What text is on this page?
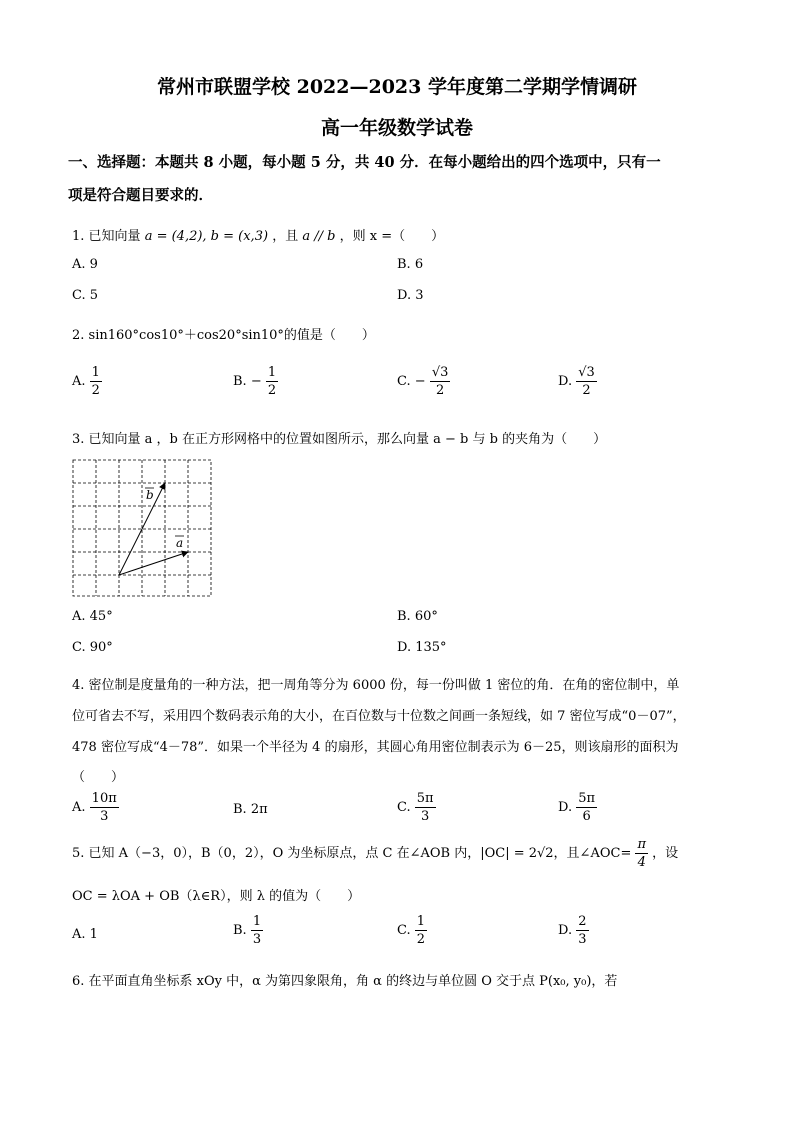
常州市联盟学校 2022—2023 学年度第二学期学情调研
高一年级数学试卷
一、选择题：本题共 8 小题，每小题 5 分，共 40 分．在每小题给出的四个选项中，只有一
项是符合题目要求的．
1. 已知向量 a = (4,2), b = (x,3) ，且 a // b ，则 x =（　　）
A. 9	B. 6
C. 5	D. 3
2. sin160°cos10°＋cos20°sin10°的值是（　　）
A. $\frac{1}{2}$	B. − $\frac{1}{2}$	C. − $\frac{√3}{2}$	D. $\frac{√3}{2}$
3. 已知向量 a ，b 在正方形网格中的位置如图所示，那么向量 a − b 与 b 的夹角为（　　）
b
a
A. 45°	B. 60°
C. 90°	D. 135°
4. 密位制是度量角的一种方法，把一周角等分为 6000 份，每一份叫做 1 密位的角．在角的密位制中，单
位可省去不写，采用四个数码表示角的大小，在百位数与十位数之间画一条短线，如 7 密位写成“0－07”，
478 密位写成“4－78”．如果一个半径为 4 的扇形，其圆心角用密位制表示为 6－25，则该扇形的面积为
（　　）
A. $\frac{10\pi}{3}$	B. 2π	C. $\frac{5\pi}{3}$	D. $\frac{5\pi}{6}$
5. 已知 A（−3，0），B（0，2），O 为坐标原点，点 C 在∠AOB 内，|OC| = 2√2，且∠AOC= $\frac{\pi}{4}$ ，设
OC = λOA + OB（λ∈R），则 λ 的值为（　　）
A. 1	B. $\frac{1}{3}$	C. $\frac{1}{2}$	D. $\frac{2}{3}$
6. 在平面直角坐标系 xOy 中，α 为第四象限角，角 α 的终边与单位圆 O 交于点 P(x₀, y₀)，若
